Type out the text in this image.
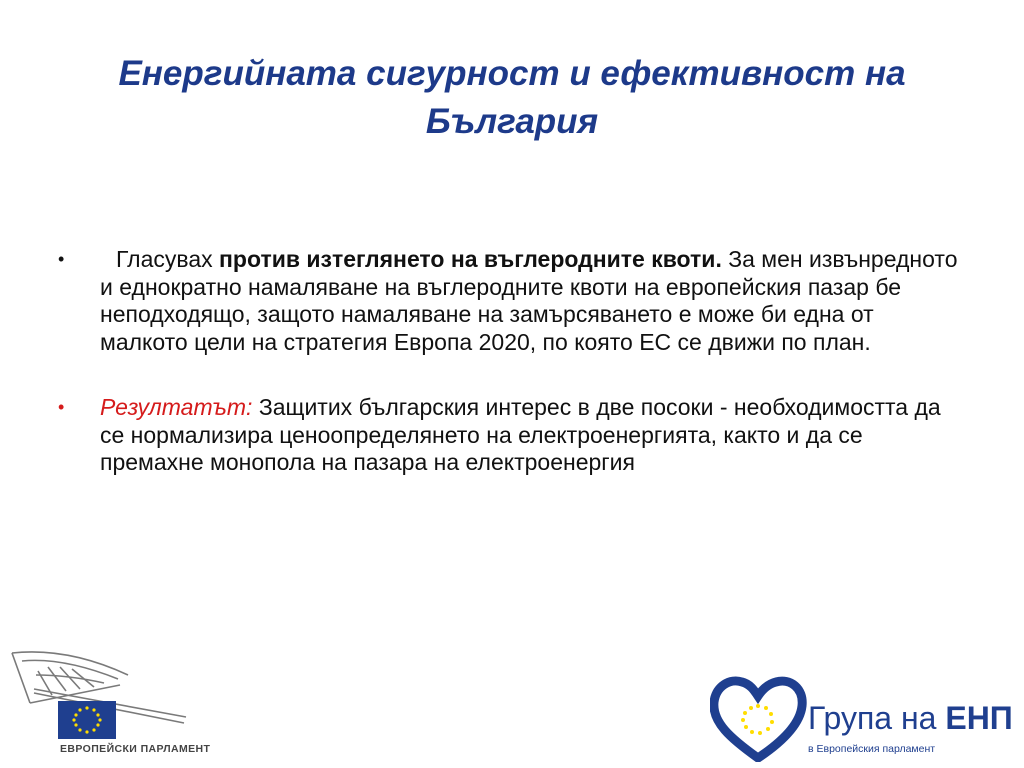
Енергийната сигурност и ефективност на България
• Гласувах против изтеглянето на въглеродните квоти. За мен извънредното и еднократно намаляване на въглеродните квоти на европейския пазар бе неподходящо, защото намаляване на замърсяването е може би една от малкото цели на стратегия Европа 2020, по която ЕС се движи по план.
• Резултатът: Защитих българския интерес в две посоки - необходимостта да се нормализира ценоопределянето на електроенергията, както и да се премахне монопола на пазара на електроенергия
ЕВРОПЕЙСКИ ПАРЛАМЕНТ
Група на ЕНП
в Европейския парламент
